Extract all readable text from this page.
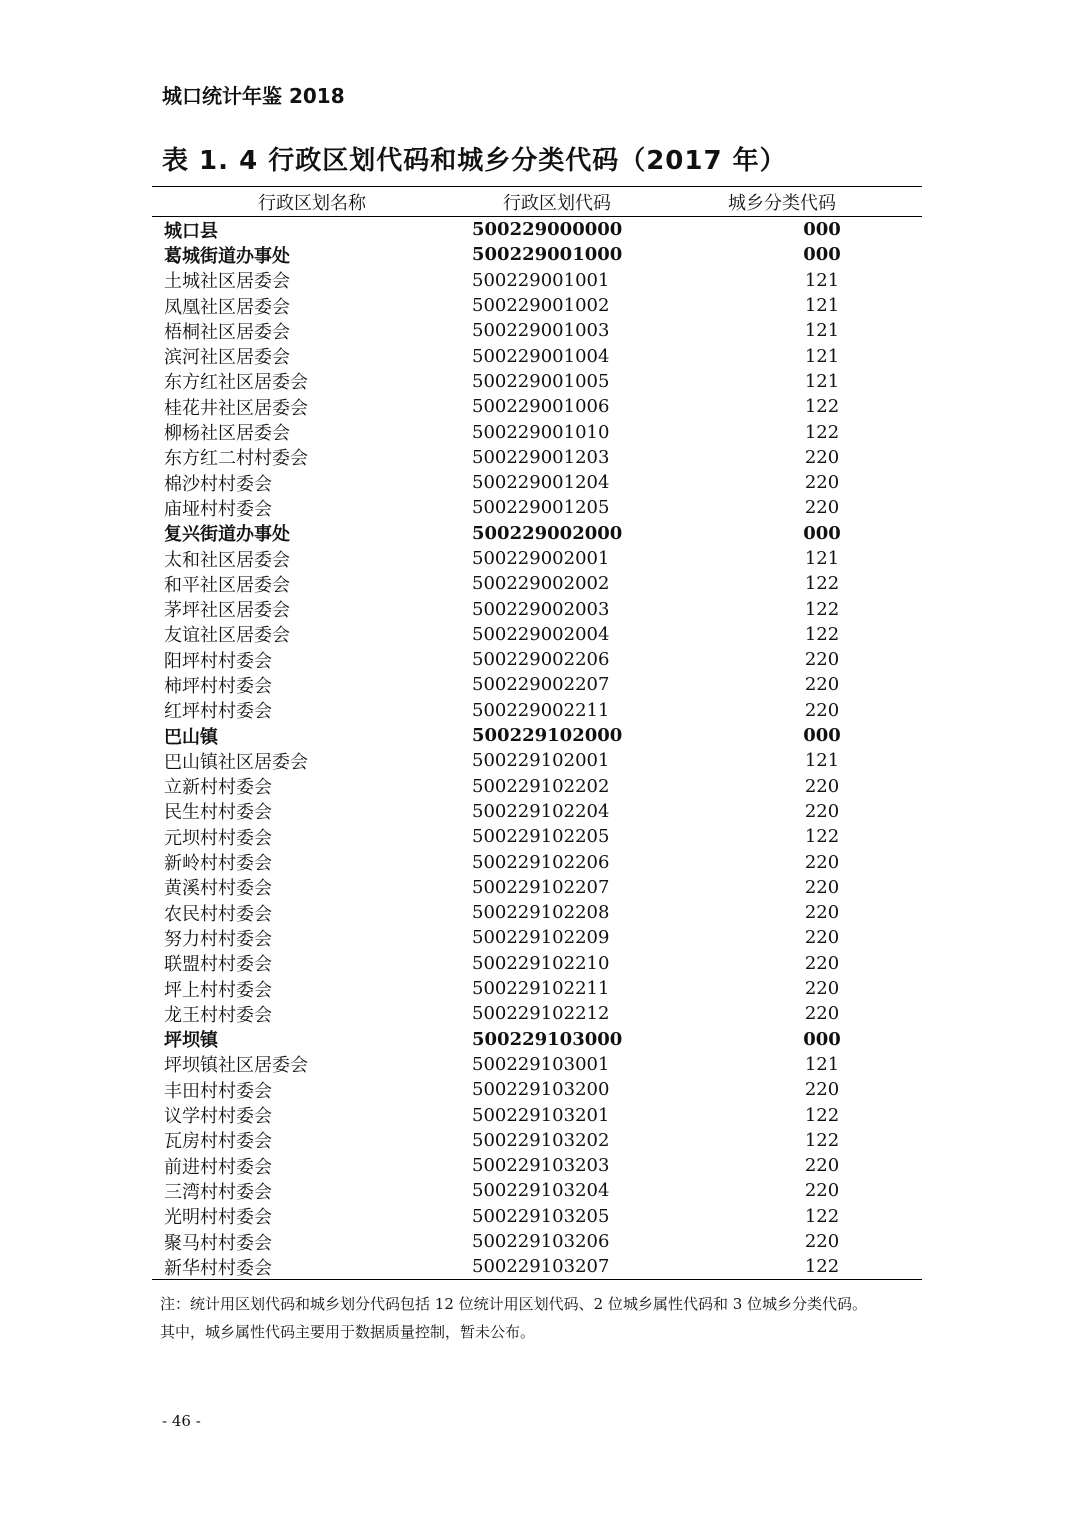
城口统计年鉴 2018
表 1. 4 行政区划代码和城乡分类代码（2017 年）
行政区划名称	行政区划代码	城乡分类代码
城口县	500229000000	000
葛城街道办事处	500229001000	000
土城社区居委会	500229001001	121
凤凰社区居委会	500229001002	121
梧桐社区居委会	500229001003	121
滨河社区居委会	500229001004	121
东方红社区居委会	500229001005	121
桂花井社区居委会	500229001006	122
柳杨社区居委会	500229001010	122
东方红二村村委会	500229001203	220
棉沙村村委会	500229001204	220
庙垭村村委会	500229001205	220
复兴街道办事处	500229002000	000
太和社区居委会	500229002001	121
和平社区居委会	500229002002	122
茅坪社区居委会	500229002003	122
友谊社区居委会	500229002004	122
阳坪村村委会	500229002206	220
柿坪村村委会	500229002207	220
红坪村村委会	500229002211	220
巴山镇	500229102000	000
巴山镇社区居委会	500229102001	121
立新村村委会	500229102202	220
民生村村委会	500229102204	220
元坝村村委会	500229102205	122
新岭村村委会	500229102206	220
黄溪村村委会	500229102207	220
农民村村委会	500229102208	220
努力村村委会	500229102209	220
联盟村村委会	500229102210	220
坪上村村委会	500229102211	220
龙王村村委会	500229102212	220
坪坝镇	500229103000	000
坪坝镇社区居委会	500229103001	121
丰田村村委会	500229103200	220
议学村村委会	500229103201	122
瓦房村村委会	500229103202	122
前进村村委会	500229103203	220
三湾村村委会	500229103204	220
光明村村委会	500229103205	122
聚马村村委会	500229103206	220
新华村村委会	500229103207	122
注：统计用区划代码和城乡划分代码包括 12 位统计用区划代码、2 位城乡属性代码和 3 位城乡分类代码。
其中，城乡属性代码主要用于数据质量控制，暂未公布。
- 46 -
